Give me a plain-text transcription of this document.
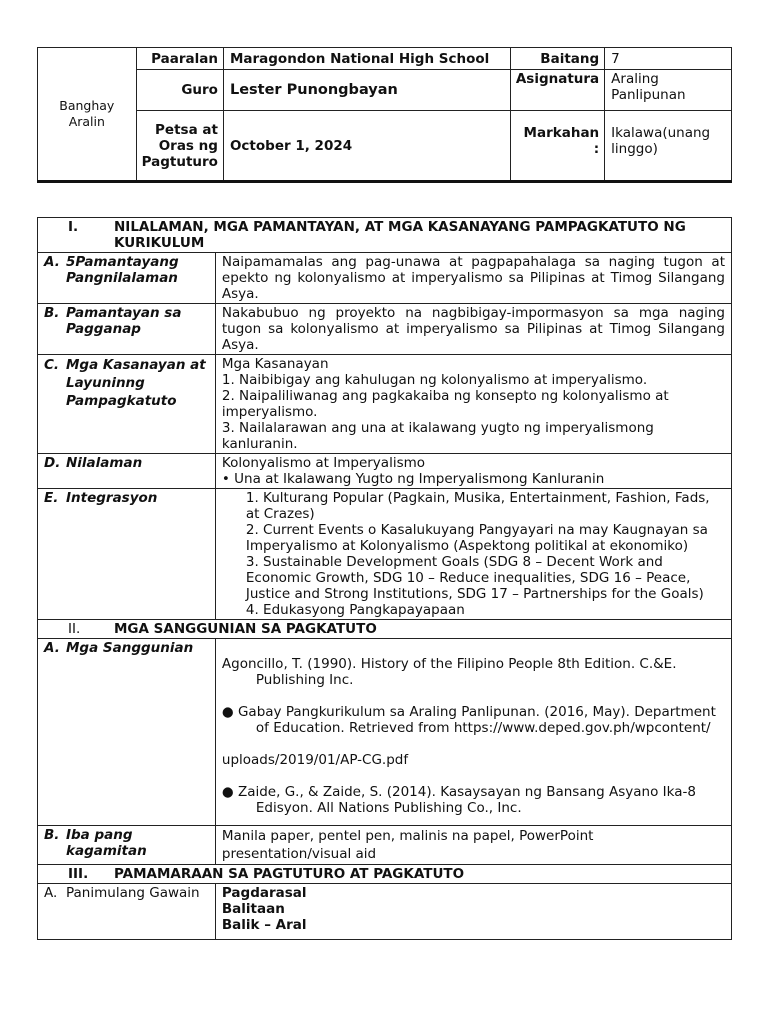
Banghay Aralin	Paaralan	Maragondon National High School	Baitang	7
	Guro	Lester Punongbayan	Asignatura	Araling Panlipunan
	Petsa at Oras ng Pagtuturo	October 1, 2024	Markahan :	Ikalawa(unang linggo)
I. NILALAMAN, MGA PAMANTAYAN, AT MGA KASANAYANG PAMPAGKATUTO NG KURIKULUM	
A. 5Pamantayang Pangnilalaman	Naipamamalas ang pag-unawa at pagpapahalaga sa naging tugon at epekto ng kolonyalismo at imperyalismo sa Pilipinas at Timog Silangang Asya.
B. Pamantayan sa Pagganap	Nakabubuo ng proyekto na nagbibigay-impormasyon sa mga naging tugon sa kolonyalismo at imperyalismo sa Pilipinas at Timog Silangang Asya.
C. Mga Kasanayan at Layuninng Pampagkatuto	Mga Kasanayan
1. Naibibigay ang kahulugan ng kolonyalismo at imperyalismo.
2. Naipaliliwanag ang pagkakaiba ng konsepto ng kolonyalismo at imperyalismo.
3. Nailalarawan ang una at ikalawang yugto ng imperyalismong kanluranin.

D. Nilalaman	Kolonyalismo at Imperyalismo
• Una at Ikalawang Yugto ng Imperyalismong Kanluranin

E. Integrasyon	1. Kulturang Popular (Pagkain, Musika, Entertainment, Fashion, Fads, at Crazes)
2. Current Events o Kasalukuyang Pangyayari na may Kaugnayan sa Imperyalismo at Kolonyalismo (Aspektong politikal at ekonomiko)
3. Sustainable Development Goals (SDG 8 – Decent Work and Economic Growth, SDG 10 – Reduce inequalities, SDG 16 – Peace, Justice and Strong Institutions, SDG 17 – Partnerships for the Goals)
4. Edukasyong Pangkapayapaan

II. MGA SANGGUNIAN SA PAGKATUTO	
A. Mga Sanggunian	Agoncillo, T. (1990). History of the Filipino People 8th Edition. C.&E. Publishing Inc.

● Gabay Pangkurikulum sa Araling Panlipunan. (2016, May). Department of Education. Retrieved from https://www.deped.gov.ph/wpcontent/

uploads/2019/01/AP-CG.pdf

● Zaide, G., & Zaide, S. (2014). Kasaysayan ng Bansang Asyano Ika-8 Edisyon. All Nations Publishing Co., Inc.

B. Iba pang kagamitan	Manila paper, pentel pen, malinis na papel, PowerPoint presentation/visual aid
III. PAMAMARAAN SA PAGTUTURO AT PAGKATUTO	
A. Panimulang Gawain	Pagdarasal
Balitaan
Balik – Aral
